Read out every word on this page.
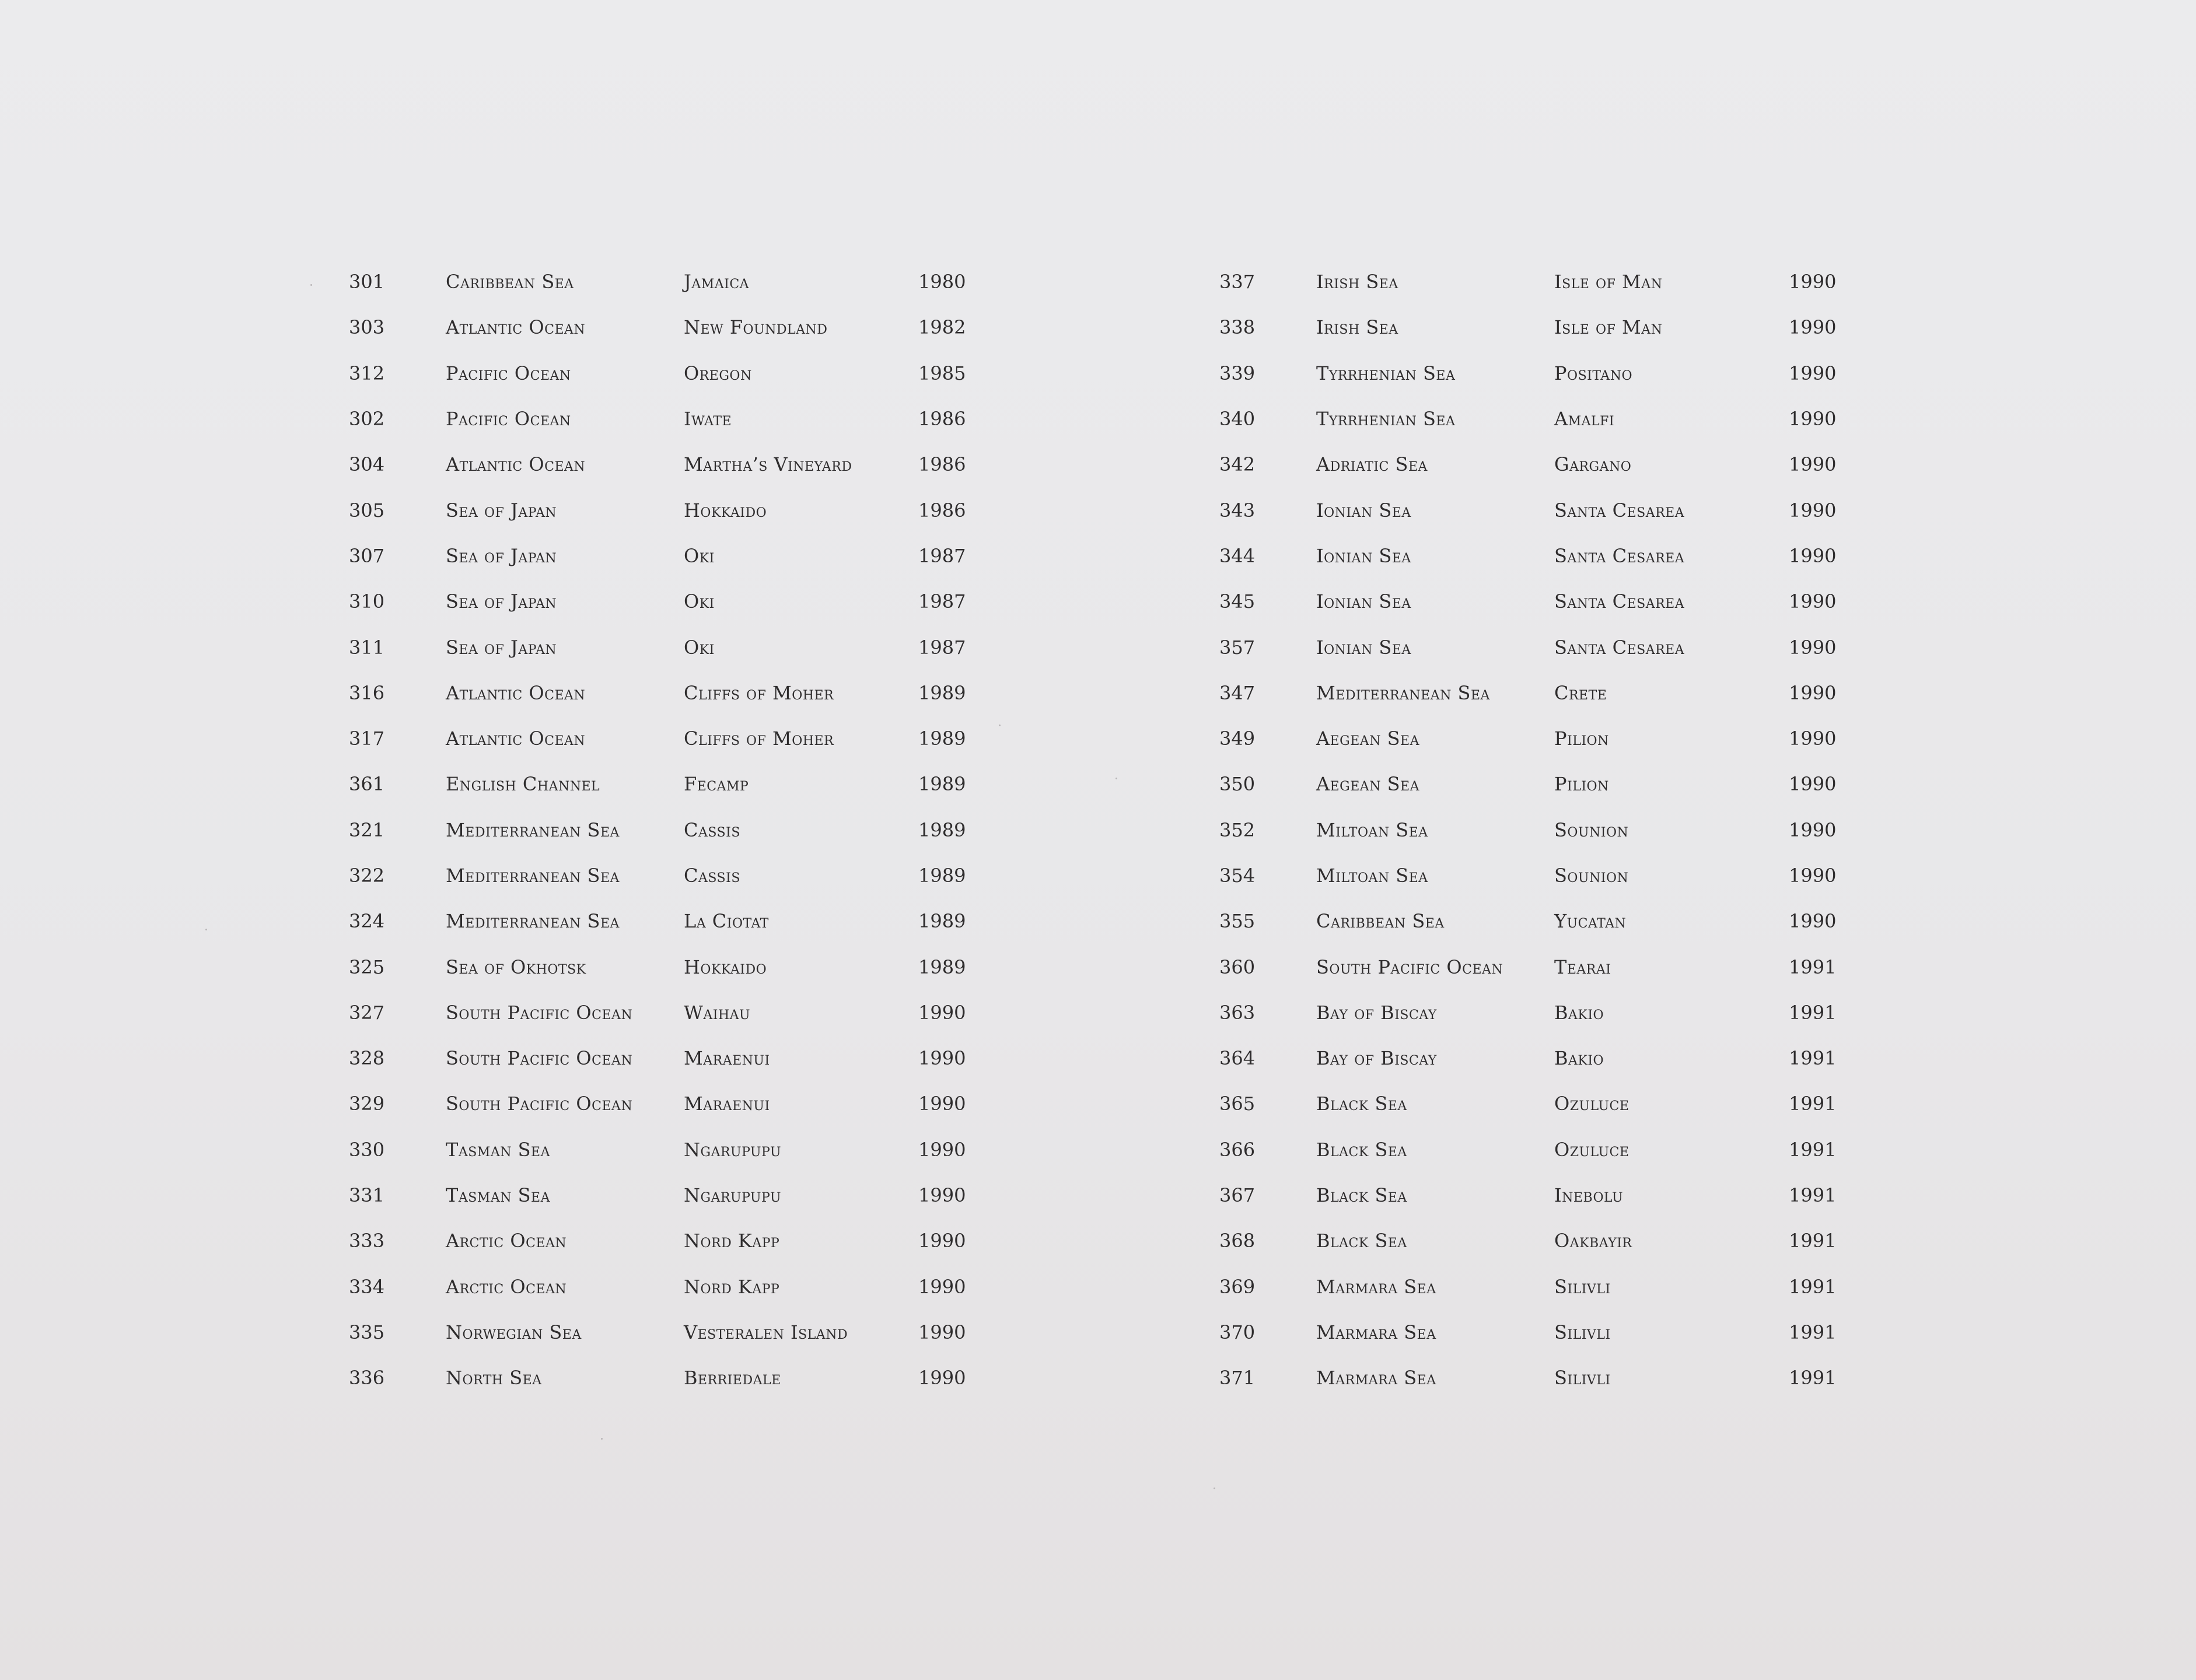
301	Caribbean Sea	Jamaica	1980
303	Atlantic Ocean	New Foundland	1982
312	Pacific Ocean	Oregon	1985
302	Pacific Ocean	Iwate	1986
304	Atlantic Ocean	Martha’s Vineyard	1986
305	Sea of Japan	Hokkaido	1986
307	Sea of Japan	Oki	1987
310	Sea of Japan	Oki	1987
311	Sea of Japan	Oki	1987
316	Atlantic Ocean	Cliffs of Moher	1989
317	Atlantic Ocean	Cliffs of Moher	1989
361	English Channel	Fecamp	1989
321	Mediterranean Sea	Cassis	1989
322	Mediterranean Sea	Cassis	1989
324	Mediterranean Sea	La Ciotat	1989
325	Sea of Okhotsk	Hokkaido	1989
327	South Pacific Ocean	Waihau	1990
328	South Pacific Ocean	Maraenui	1990
329	South Pacific Ocean	Maraenui	1990
330	Tasman Sea	Ngarupupu	1990
331	Tasman Sea	Ngarupupu	1990
333	Arctic Ocean	Nord Kapp	1990
334	Arctic Ocean	Nord Kapp	1990
335	Norwegian Sea	Vesteralen Island	1990
336	North Sea	Berriedale	1990
337	Irish Sea	Isle of Man	1990
338	Irish Sea	Isle of Man	1990
339	Tyrrhenian Sea	Positano	1990
340	Tyrrhenian Sea	Amalfi	1990
342	Adriatic Sea	Gargano	1990
343	Ionian Sea	Santa Cesarea	1990
344	Ionian Sea	Santa Cesarea	1990
345	Ionian Sea	Santa Cesarea	1990
357	Ionian Sea	Santa Cesarea	1990
347	Mediterranean Sea	Crete	1990
349	Aegean Sea	Pilion	1990
350	Aegean Sea	Pilion	1990
352	Miltoan Sea	Sounion	1990
354	Miltoan Sea	Sounion	1990
355	Caribbean Sea	Yucatan	1990
360	South Pacific Ocean	Tearai	1991
363	Bay of Biscay	Bakio	1991
364	Bay of Biscay	Bakio	1991
365	Black Sea	Ozuluce	1991
366	Black Sea	Ozuluce	1991
367	Black Sea	Inebolu	1991
368	Black Sea	Oakbayir	1991
369	Marmara Sea	Silivli	1991
370	Marmara Sea	Silivli	1991
371	Marmara Sea	Silivli	1991
